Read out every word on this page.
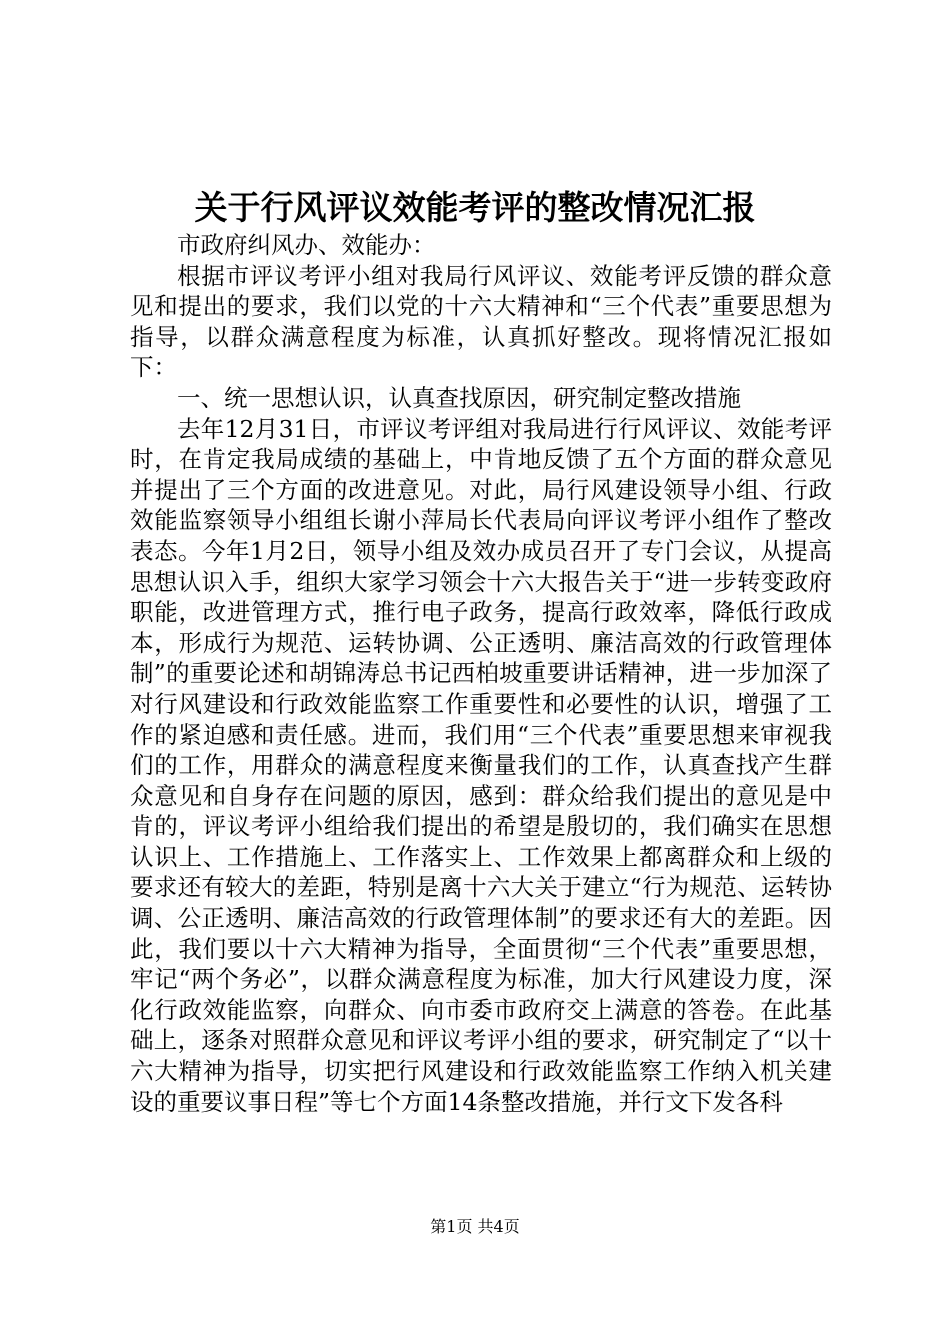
关于行风评议效能考评的整改情况汇报

市政府纠风办、效能办：

根据市评议考评小组对我局行风评议、效能考评反馈的群众意见和提出的要求，我们以党的十六大精神和“三个代表”重要思想为指导，以群众满意程度为标准，认真抓好整改。现将情况汇报如下：

一、统一思想认识，认真查找原因，研究制定整改措施

去年12月31日，市评议考评组对我局进行行风评议、效能考评时，在肯定我局成绩的基础上，中肯地反馈了五个方面的群众意见并提出了三个方面的改进意见。对此，局行风建设领导小组、行政效能监察领导小组组长谢小萍局长代表局向评议考评小组作了整改表态。今年1月2日，领导小组及效办成员召开了专门会议，从提高思想认识入手，组织大家学习领会十六大报告关于“进一步转变政府职能，改进管理方式，推行电子政务，提高行政效率，降低行政成本，形成行为规范、运转协调、公正透明、廉洁高效的行政管理体制”的重要论述和胡锦涛总书记西柏坡重要讲话精神，进一步加深了对行风建设和行政效能监察工作重要性和必要性的认识，增强了工作的紧迫感和责任感。进而，我们用“三个代表”重要思想来审视我们的工作，用群众的满意程度来衡量我们的工作，认真查找产生群众意见和自身存在问题的原因，感到：群众给我们提出的意见是中肯的，评议考评小组给我们提出的希望是殷切的，我们确实在思想认识上、工作措施上、工作落实上、工作效果上都离群众和上级的要求还有较大的差距，特别是离十六大关于建立“行为规范、运转协调、公正透明、廉洁高效的行政管理体制”的要求还有大的差距。因此，我们要以十六大精神为指导，全面贯彻“三个代表”重要思想，牢记“两个务必”，以群众满意程度为标准，加大行风建设力度，深化行政效能监察，向群众、向市委市政府交上满意的答卷。在此基础上，逐条对照群众意见和评议考评小组的要求，研究制定了“以十六大精神为指导，切实把行风建设和行政效能监察工作纳入机关建设的重要议事日程”等七个方面14条整改措施，并行文下发各科

第1页 共4页
